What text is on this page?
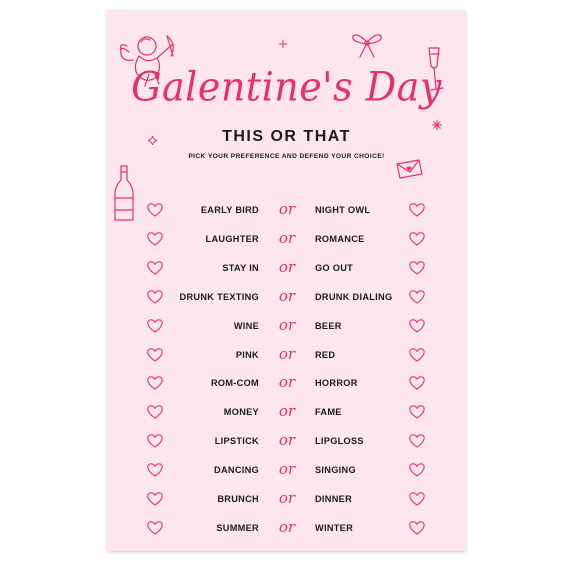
Galentine's Day
THIS OR THAT
PICK YOUR PREFERENCE AND DEFEND YOUR CHOICE!
EARLY BIRD	or	NIGHT OWL
LAUGHTER	or	ROMANCE
STAY IN	or	GO OUT
DRUNK TEXTING	or	DRUNK DIALING
WINE	or	BEER
PINK	or	RED
ROM-COM	or	HORROR
MONEY	or	FAME
LIPSTICK	or	LIPGLOSS
DANCING	or	SINGING
BRUNCH	or	DINNER
SUMMER	or	WINTER
